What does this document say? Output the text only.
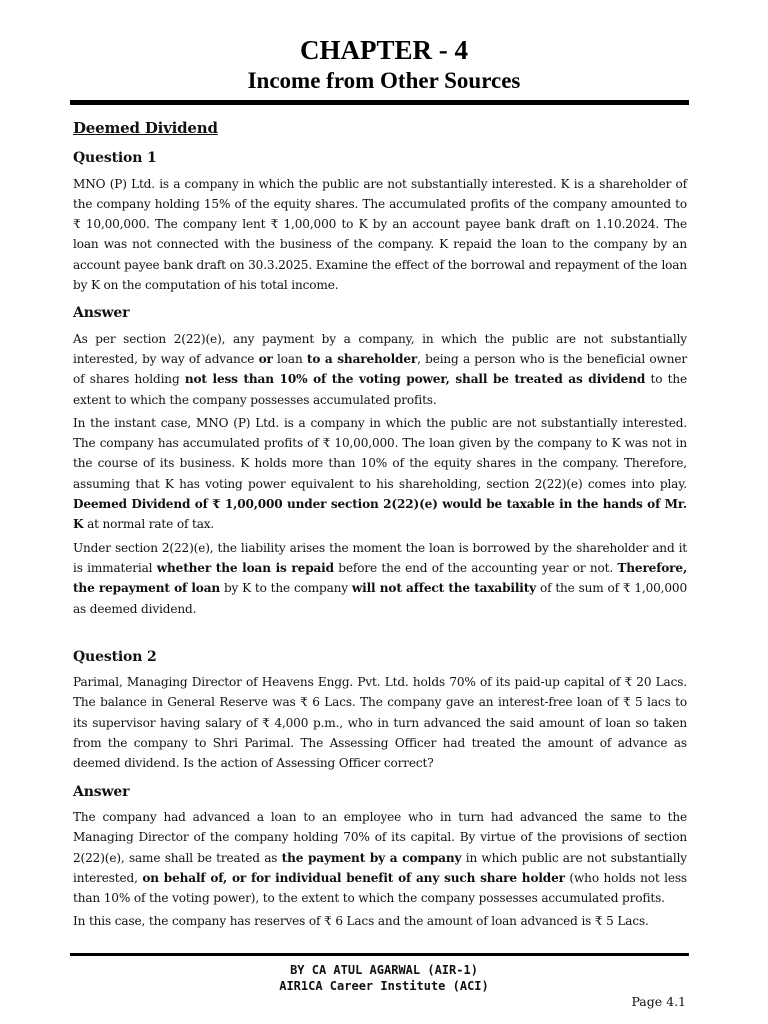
CHAPTER - 4
Income from Other Sources
Deemed Dividend
Question 1

MNO (P) Ltd. is a company in which the public are not substantially interested. K is a shareholder of the company holding 15% of the equity shares. The accumulated profits of the company amounted to ₹ 10,00,000. The company lent ₹ 1,00,000 to K by an account payee bank draft on 1.10.2024. The loan was not connected with the business of the company. K repaid the loan to the company by an account payee bank draft on 30.3.2025. Examine the effect of the borrowal and repayment of the loan by K on the computation of his total income.

Answer

As per section 2(22)(e), any payment by a company, in which the public are not substantially interested, by way of advance or loan to a shareholder, being a person who is the beneficial owner of shares holding not less than 10% of the voting power, shall be treated as dividend to the extent to which the company possesses accumulated profits.

In the instant case, MNO (P) Ltd. is a company in which the public are not substantially interested. The company has accumulated profits of ₹ 10,00,000. The loan given by the company to K was not in the course of its business. K holds more than 10% of the equity shares in the company. Therefore, assuming that K has voting power equivalent to his shareholding, section 2(22)(e) comes into play. Deemed Dividend of ₹ 1,00,000 under section 2(22)(e) would be taxable in the hands of Mr. K at normal rate of tax.

Under section 2(22)(e), the liability arises the moment the loan is borrowed by the shareholder and it is immaterial whether the loan is repaid before the end of the accounting year or not. Therefore, the repayment of loan by K to the company will not affect the taxability of the sum of ₹ 1,00,000 as deemed dividend.

Question 2

Parimal, Managing Director of Heavens Engg. Pvt. Ltd. holds 70% of its paid-up capital of ₹ 20 Lacs. The balance in General Reserve was ₹ 6 Lacs. The company gave an interest-free loan of ₹ 5 lacs to its supervisor having salary of ₹ 4,000 p.m., who in turn advanced the said amount of loan so taken from the company to Shri Parimal. The Assessing Officer had treated the amount of advance as deemed dividend. Is the action of Assessing Officer correct?

Answer

The company had advanced a loan to an employee who in turn had advanced the same to the Managing Director of the company holding 70% of its capital. By virtue of the provisions of section 2(22)(e), same shall be treated as the payment by a company in which public are not substantially interested, on behalf of, or for individual benefit of any such share holder (who holds not less than 10% of the voting power), to the extent to which the company possesses accumulated profits.

In this case, the company has reserves of ₹ 6 Lacs and the amount of loan advanced is ₹ 5 Lacs.

BY CA ATUL AGARWAL (AIR-1)
AIR1CA Career Institute (ACI)
Page 4.1
